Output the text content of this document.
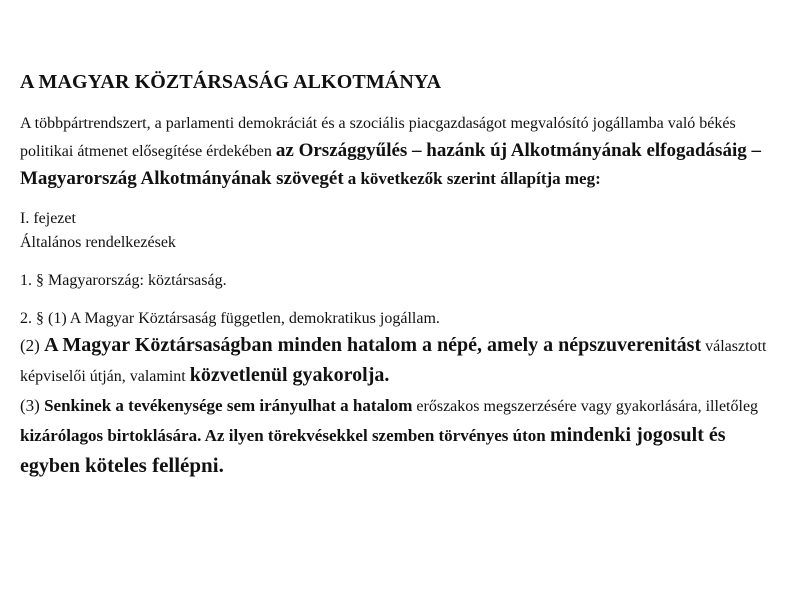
A MAGYAR KÖZTÁRSASÁG ALKOTMÁNYA

A többpártrendszert, a parlamenti demokráciát és a szociális piacgazdaságot megvalósító jogállamba való békés politikai átmenet elősegítése érdekében az Országgyűlés – hazánk új Alkotmányának elfogadásáig – Magyarország Alkotmányának szövegét a következők szerint állapítja meg:

I. fejezet
Általános rendelkezések

1. § Magyarország: köztársaság.

2. § (1) A Magyar Köztársaság független, demokratikus jogállam.

(2) A Magyar Köztársaságban minden hatalom a népé, amely a népszuverenitást választott képviselői útján, valamint közvetlenül gyakorolja.

(3) Senkinek a tevékenysége sem irányulhat a hatalom erőszakos megszerzésére vagy gyakorlására, illetőleg kizárólagos birtoklására. Az ilyen törekvésekkel szemben törvényes úton mindenki jogosult és egyben köteles fellépni.
